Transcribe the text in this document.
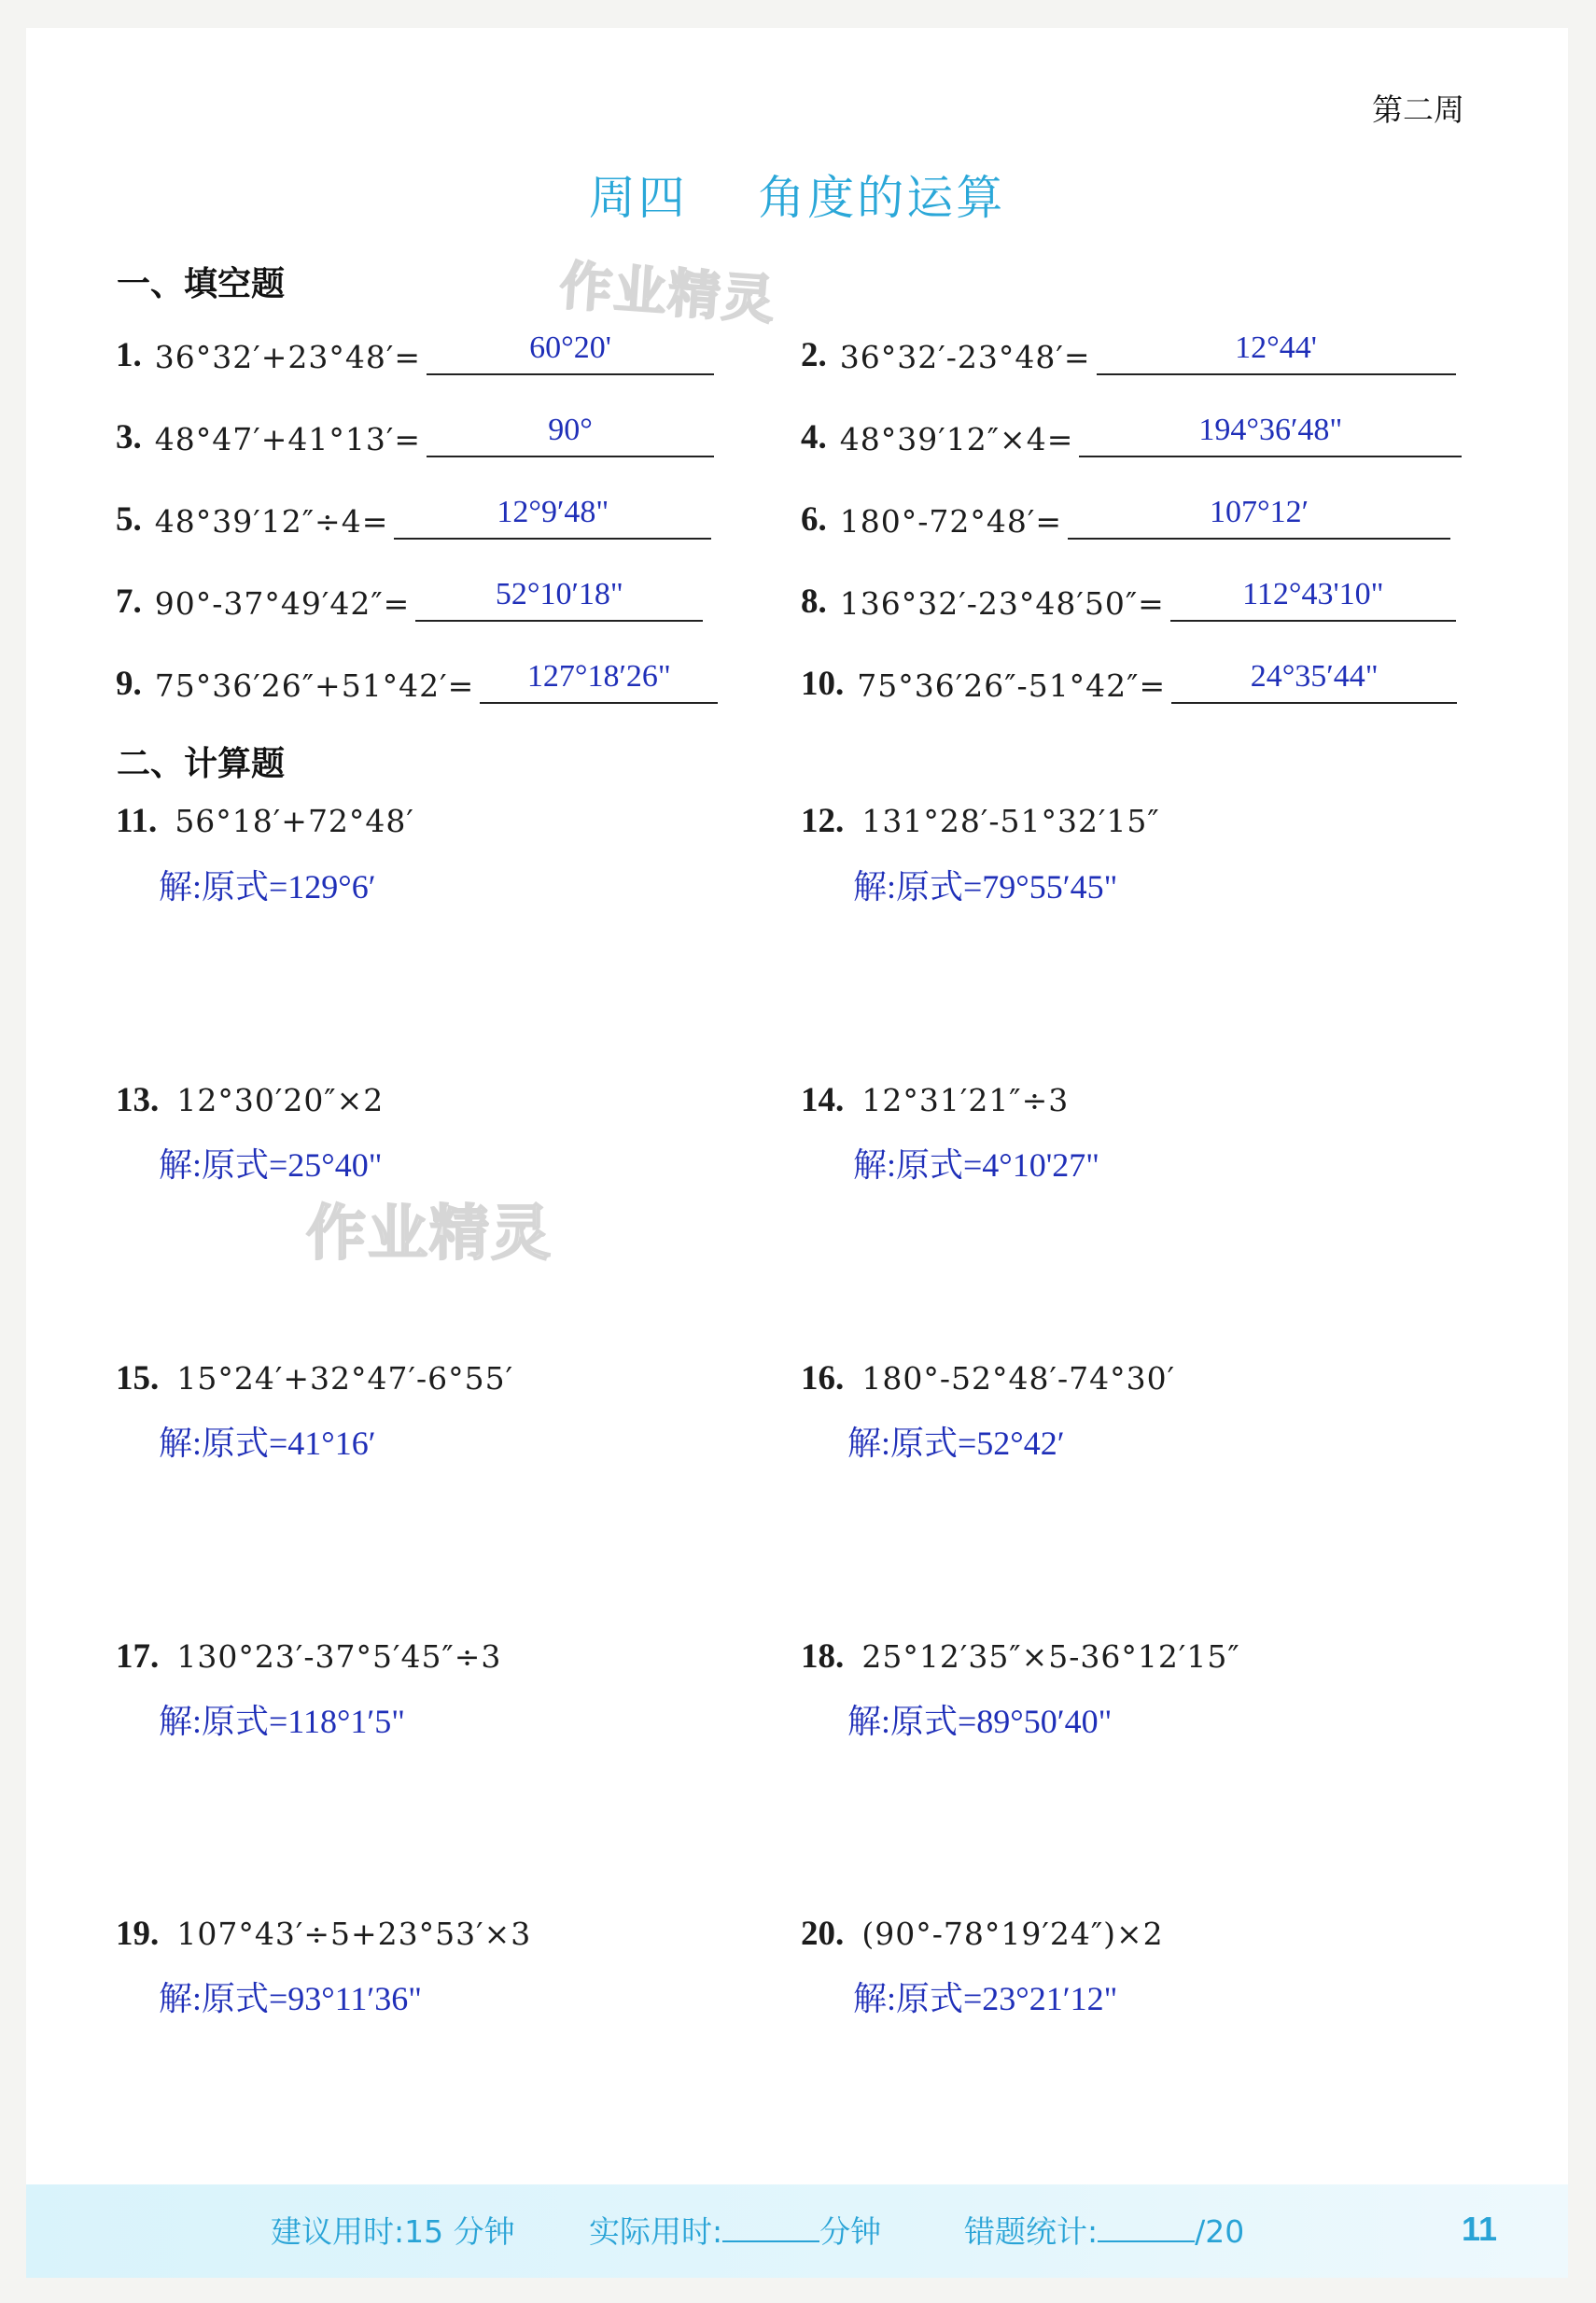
第二周
周四    角度的运算
作业精灵
作业精灵
一、填空题
1. 36°32′+23°48′=	60°20'	2. 36°32′-23°48′=	12°44'
3. 48°47′+41°13′=	90°	4. 48°39′12″×4=	194°36′48"
5. 48°39′12″÷4=	12°9′48"	6. 180°-72°48′=	107°12′
7. 90°-37°49′42″=	52°10′18"	8. 136°32′-23°48′50″=	112°43'10"
9. 75°36′26″+51°42′=	127°18′26"	10. 75°36′26″-51°42″=	24°35′44"
二、计算题
11. 56°18′+72°48′
解:原式=129°6′
12. 131°28′-51°32′15″
解:原式=79°55′45"
13. 12°30′20″×2
解:原式=25°40"
14. 12°31′21″÷3
解:原式=4°10'27"
15. 15°24′+32°47′-6°55′
解:原式=41°16′
16. 180°-52°48′-74°30′
解:原式=52°42′
17. 130°23′-37°5′45″÷3
解:原式=118°1′5"
18. 25°12′35″×5-36°12′15″
解:原式=89°50′40"
19. 107°43′÷5+23°53′×3
解:原式=93°11′36"
20. (90°-78°19′24″)×2
解:原式=23°21′12"
建议用时:15 分钟 实际用时:	分钟	错题统计:	/20	11
